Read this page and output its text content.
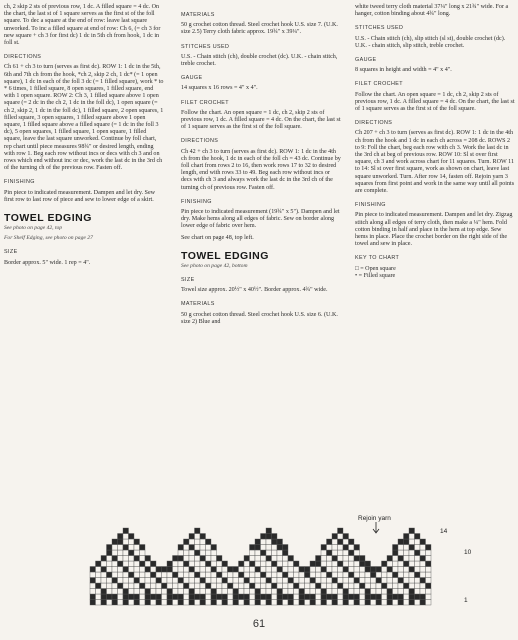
ch, 2 skip 2 sts of previous row, 1 dc. A filled square = 4 dc. On the chart, the last st of 1 square serves as the first st of the foll square. To dec a square at the end of row: leave last square unworked. To inc a filled square at end of row: Ch 6, (= ch 3 for new square + ch 3 for first dc) 1 dc in 5th ch from hook, 1 dc in foll st.

DIRECTIONS

Ch 61 + ch 3 to turn (serves as first dc). ROW 1: 1 dc in the 5th, 6th and 7th ch from the hook, *ch 2, skip 2 ch, 1 dc* (= 1 open square), 1 dc in each of the foll 3 dc (= 1 filled square), work * to * 6 times, 1 filled square, 8 open squares, 1 filled square, end with 1 open square. ROW 2: Ch 3, 1 filled square above 1 open square (= 2 dc in the ch 2, 1 dc in the foll dc), 1 open square (= ch 2, skip 2, 1 dc in the foll dc), 1 filled square, 2 open squares, 1 filled square, 3 open squares, 1 filled square above 1 open square, 1 filled square above a filled square (= 1 dc in the foll 3 dc), 5 open squares, 1 filled square, 1 open square, 1 filled square, leave the last square unworked. Continue by foll chart, rep chart until piece measures 98¾" or desired length, ending with row 1. Beg each row without incs or decs with ch 3 and on rows which end without inc or dec, work the last dc in the 3rd ch of the turning ch of the previous row. Fasten off.

FINISHING

Pin piece to indicated measurement. Dampen and let dry. Sew first row to last row of piece and sew to lower edge of a skirt.

TOWEL EDGING
See photo on page 42, top
For Shelf Edging, see photo on page 27
SIZE

Border approx. 5" wide. 1 rep = 4".

MATERIALS

50 g crochet cotton thread. Steel crochet hook U.S. size 7. (U.K. size 2.5) Terry cloth fabric approx. 19¾" x 39¼".

STITCHES USED

U.S. - Chain stitch (ch), double crochet (dc). U.K. - chain stitch, treble crochet.

GAUGE

14 squares x 16 rows = 4" x 4".

FILET CROCHET

Follow the chart. An open square = 1 dc, ch 2, skip 2 sts of previous row, 1 dc. A filled square = 4 dc. On the chart, the last st of 1 square serves as the first st of the foll square.

DIRECTIONS

Ch 42 + ch 3 to turn (serves as first dc). ROW 1: 1 dc in the 4th ch from the hook, 1 dc in each of the foll ch = 43 dc. Continue by foll chart from rows 2 to 16, then work rows 17 to 32 to desired length, end with rows 33 to 49. Beg each row without incs or decs with ch 3 and always work the last dc in the 3rd ch of the turning ch of previous row. Fasten off.

FINISHING

Pin piece to indicated measurement (19¾" x 5"). Dampen and let dry. Make hems along all edges of fabric. Sew on border along lower edge of fabric over hem.

See chart on page 48, top left.

TOWEL EDGING
See photo on page 42, bottom
SIZE

Towel size approx. 20½" x 40½". Border approx. 4¾" wide.

MATERIALS

50 g crochet cotton thread. Steel crochet hook U.S. size 6. (U.K. size 2) Blue and

white tweed terry cloth material 37¼" long x 21¾" wide. For a hanger, cotton binding about 4¾" long.

STITCHES USED

U.S. - Chain stitch (ch), slip stitch (sl st), double crochet (dc). U.K. - chain stitch, slip stitch, treble crochet.

GAUGE

8 squares in height and width = 4" x 4".

FILET CROCHET

Follow the chart. An open square = 1 dc, ch 2, skip 2 sts of previous row, 1 dc. A filled square = 4 dc. On the chart, the last st of 1 square serves as the first st of the foll square.

DIRECTIONS

Ch 207 + ch 3 to turn (serves as first dc). ROW 1: 1 dc in the 4th ch from the hook and 1 dc in each ch across = 208 dc. ROWS 2 to 9: Foll the chart, beg each row with ch 3. Work the last dc in the 3rd ch at beg of previous row. ROW 10: Sl st over first square, ch 3 and work across chart for 11 squares. Turn. ROW 11 to 14: Sl st over first square, work as shown on chart, leave last square unworked. Turn. After row 14, fasten off. Rejoin yarn 3 squares from first point and work in the same way until all points are complete.

FINISHING

Pin piece to indicated measurement. Dampen and let dry. Zigzag stitch along all edges of terry cloth, then make a ¼" hem. Fold cotton binding in half and place in the hem at top edge. Sew hems in place. Place the crochet border on the right side of the towel and sew in place.

KEY TO CHART

□ = Open square

• = Filled square

Rejoin yarn
14
10
1
61
